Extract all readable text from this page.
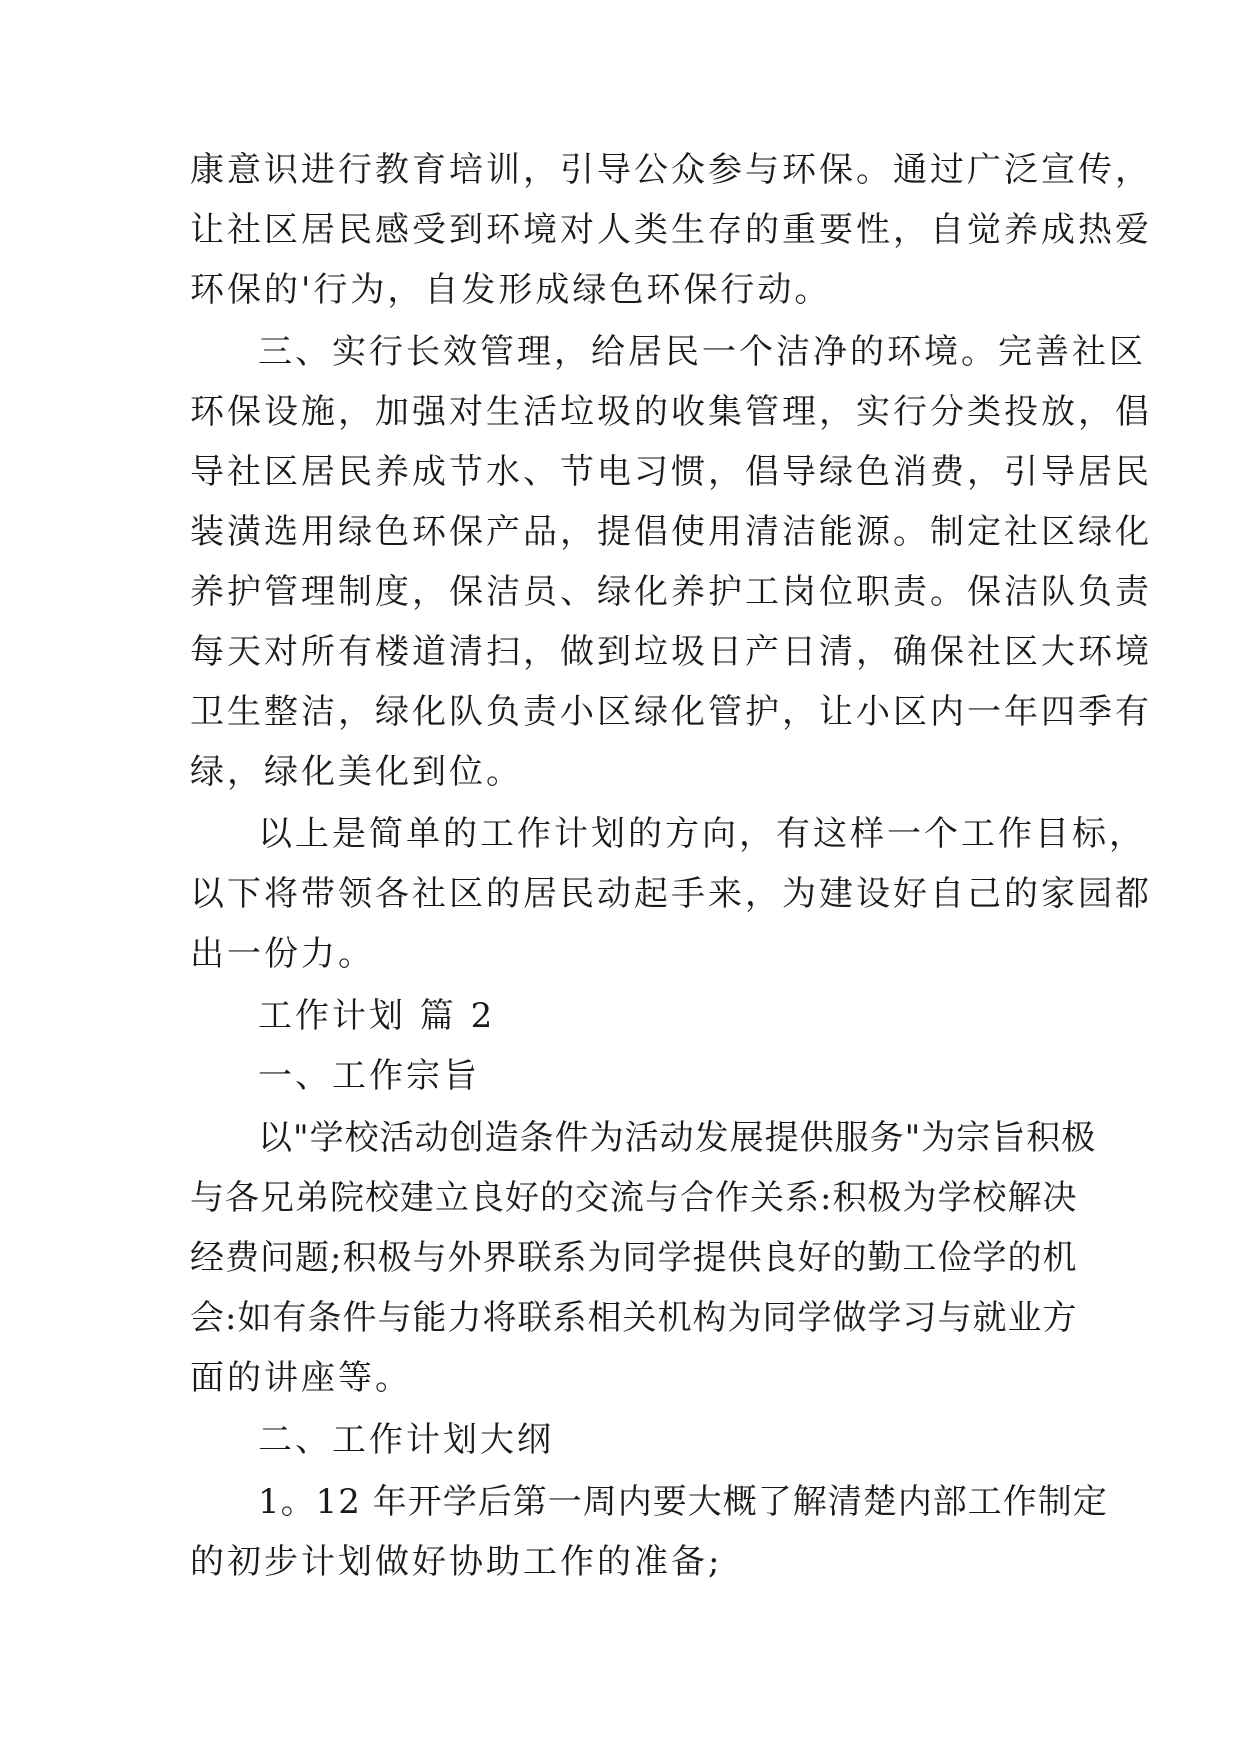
康意识进行教育培训，引导公众参与环保。通过广泛宣传，
让社区居民感受到环境对人类生存的重要性，自觉养成热爱
环保的'行为，自发形成绿色环保行动。
三、实行长效管理，给居民一个洁净的环境。完善社区
环保设施，加强对生活垃圾的收集管理，实行分类投放，倡
导社区居民养成节水、节电习惯，倡导绿色消费，引导居民
装潢选用绿色环保产品，提倡使用清洁能源。制定社区绿化
养护管理制度，保洁员、绿化养护工岗位职责。保洁队负责
每天对所有楼道清扫，做到垃圾日产日清，确保社区大环境
卫生整洁，绿化队负责小区绿化管护，让小区内一年四季有
绿，绿化美化到位。
以上是简单的工作计划的方向，有这样一个工作目标，
以下将带领各社区的居民动起手来，为建设好自己的家园都
出一份力。
工作计划 篇 2
一、工作宗旨
以"学校活动创造条件为活动发展提供服务"为宗旨积极
与各兄弟院校建立良好的交流与合作关系:积极为学校解决
经费问题;积极与外界联系为同学提供良好的勤工俭学的机
会:如有条件与能力将联系相关机构为同学做学习与就业方
面的讲座等。
二、工作计划大纲
1。12 年开学后第一周内要大概了解清楚内部工作制定
的初步计划做好协助工作的准备;
